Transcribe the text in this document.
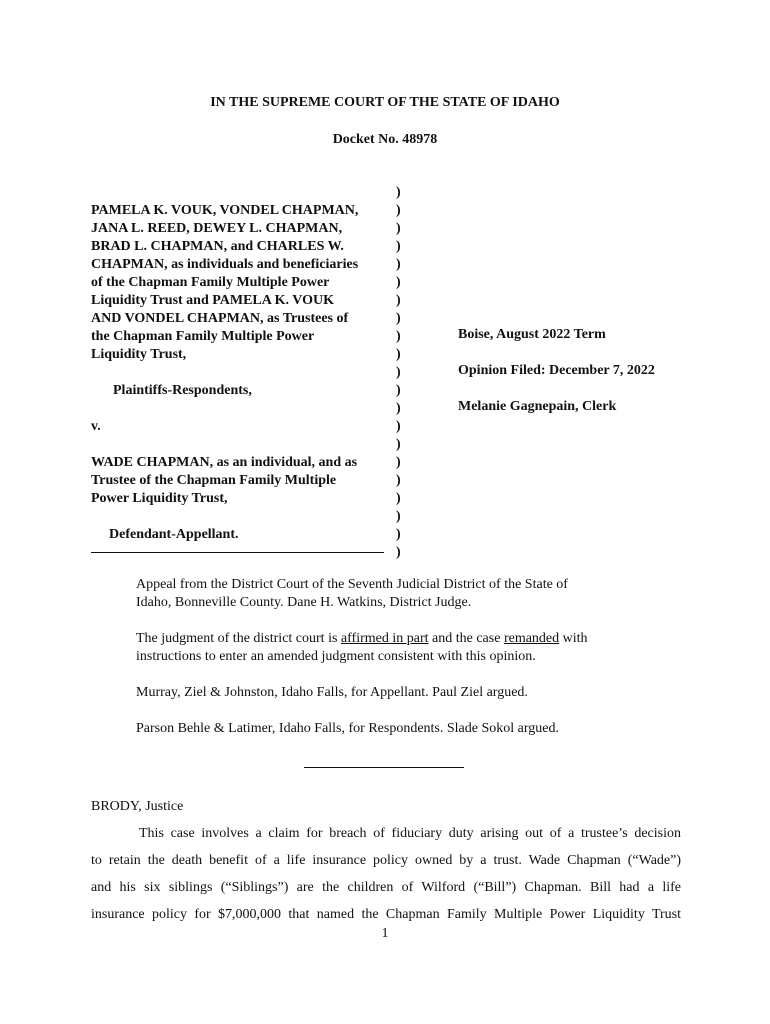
IN THE SUPREME COURT OF THE STATE OF IDAHO
Docket No. 48978
PAMELA K. VOUK, VONDEL CHAPMAN,
JANA L. REED, DEWEY L. CHAPMAN,
BRAD L. CHAPMAN, and CHARLES W.
CHAPMAN, as individuals and beneficiaries
of the Chapman Family Multiple Power
Liquidity Trust and PAMELA K. VOUK
AND VONDEL CHAPMAN, as Trustees of
the Chapman Family Multiple Power
Liquidity Trust,
Plaintiffs-Respondents,
v.
WADE CHAPMAN, as an individual, and as
Trustee of the Chapman Family Multiple
Power Liquidity Trust,
Defendant-Appellant.
)
)
)
)
)
)
)
)
)
)
)
)
)
)
)
)
)
)
)
)
)
Boise, August 2022 Term
Opinion Filed: December 7, 2022
Melanie Gagnepain, Clerk
Appeal from the District Court of the Seventh Judicial District of the State of
Idaho, Bonneville County. Dane H. Watkins, District Judge.
The judgment of the district court is affirmed in part and the case remanded with
instructions to enter an amended judgment consistent with this opinion.
Murray, Ziel & Johnston, Idaho Falls, for Appellant. Paul Ziel argued.
Parson Behle & Latimer, Idaho Falls, for Respondents. Slade Sokol argued.
BRODY, Justice
This case involves a claim for breach of fiduciary duty arising out of a trustee’s decision
to retain the death benefit of a life insurance policy owned by a trust. Wade Chapman (“Wade”)
and his six siblings (“Siblings”) are the children of Wilford (“Bill”) Chapman. Bill had a life
insurance policy for $7,000,000 that named the Chapman Family Multiple Power Liquidity Trust
1
